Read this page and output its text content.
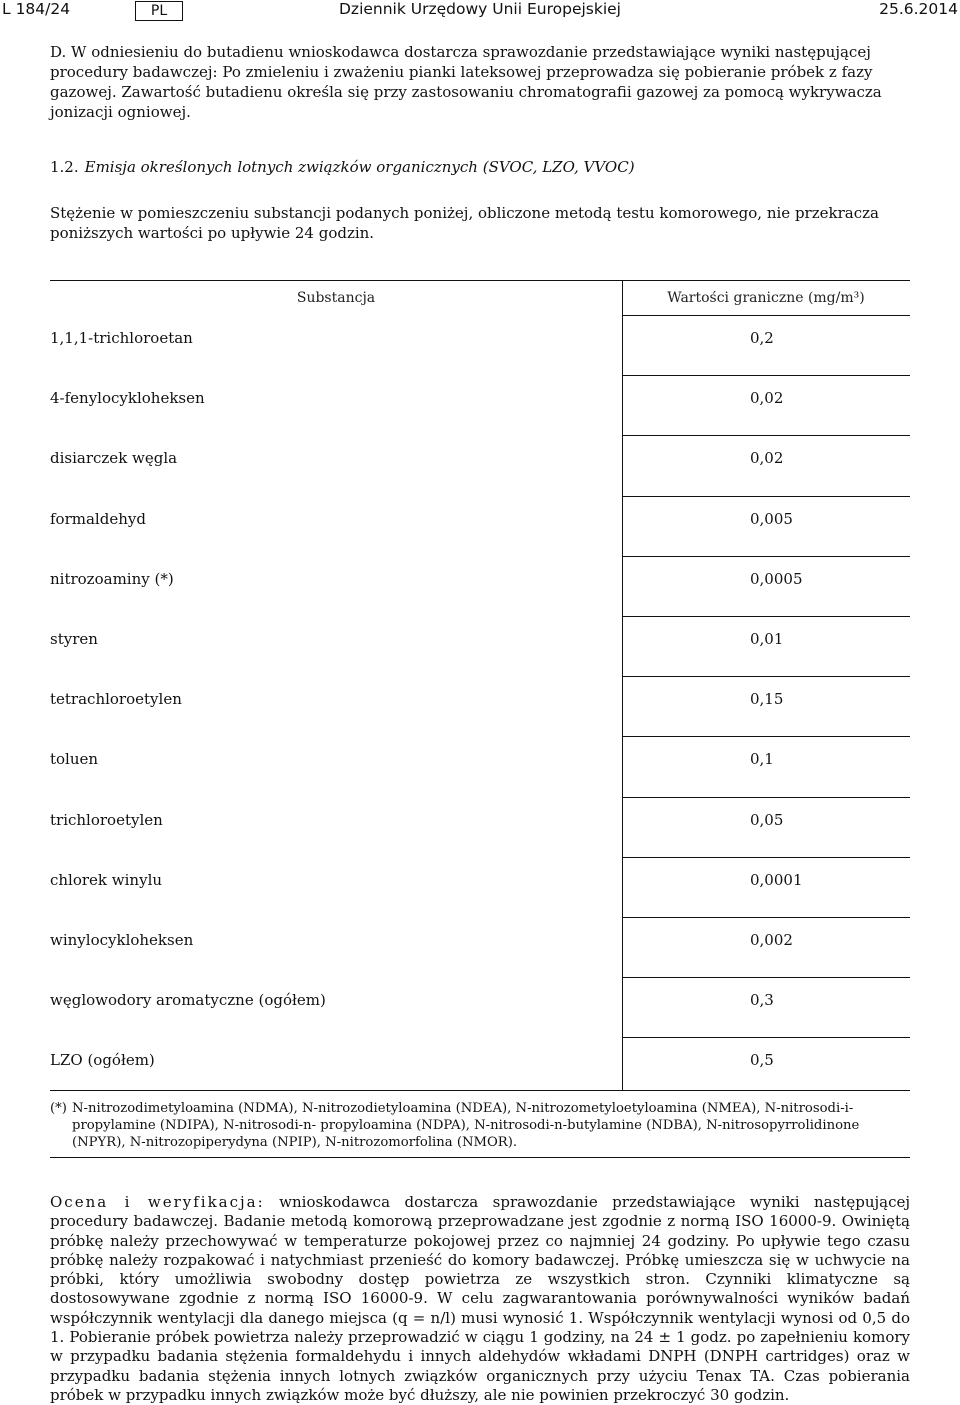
L 184/24	Dziennik Urzędowy Unii Europejskiej
PL	25.6.2014
D. W odniesieniu do butadienu wnioskodawca dostarcza sprawozdanie przedstawiające wyniki następującej procedury badawczej: Po zmieleniu i zważeniu pianki lateksowej przeprowadza się pobieranie próbek z fazy gazowej. Zawartość butadienu określa się przy zastosowaniu chromatografii gazowej za pomocą wykrywacza jonizacji ogniowej.
1.2. Emisja określonych lotnych związków organicznych (SVOC, LZO, VVOC)
Stężenie w pomieszczeniu substancji podanych poniżej, obliczone metodą testu komorowego, nie przekracza poniższych wartości po upływie 24 godzin.
Substancja	Wartości graniczne (mg/m³)
1,1,1-trichloroetan	0,2
4-fenylocykloheksen	0,02
disiarczek węgla	0,02
formaldehyd	0,005
nitrozoaminy (*)	0,0005
styren	0,01
tetrachloroetylen	0,15
toluen	0,1
trichloroetylen	0,05
chlorek winylu	0,0001
winylocykloheksen	0,002
węglowodory aromatyczne (ogółem)	0,3
LZO (ogółem)	0,5
(*) N-nitrozodimetyloamina (NDMA), N-nitrozodietyloamina (NDEA), N-nitrozometyloetyloamina (NMEA), N-nitrosodi-i-propylamine (NDIPA), N-nitrosodi-n- propyloamina (NDPA), N-nitrosodi-n-butylamine (NDBA), N-nitrosopyrrolidinone (NPYR), N-nitrozopiperydyna (NPIP), N-nitrozomorfolina (NMOR).
Ocena i weryfikacja: wnioskodawca dostarcza sprawozdanie przedstawiające wyniki następującej procedury badawczej. Badanie metodą komorową przeprowadzane jest zgodnie z normą ISO 16000-9. Owiniętą próbkę należy przechowywać w temperaturze pokojowej przez co najmniej 24 godziny. Po upływie tego czasu próbkę należy rozpakować i natychmiast przenieść do komory badawczej. Próbkę umieszcza się w uchwycie na próbki, który umożliwia swobodny dostęp powietrza ze wszystkich stron. Czynniki klimatyczne są dostosowywane zgodnie z normą ISO 16000-9. W celu zagwarantowania porównywalności wyników badań współczynnik wentylacji dla danego miejsca (q = n/l) musi wynosić 1. Współczynnik wentylacji wynosi od 0,5 do 1. Pobieranie próbek powietrza należy przeprowadzić w ciągu 1 godziny, na 24 ± 1 godz. po zapełnieniu komory w przypadku badania stężenia formaldehydu i innych aldehydów wkładami DNPH (DNPH cartridges) oraz w przypadku badania stężenia innych lotnych związków organicznych przy użyciu Tenax TA. Czas pobierania próbek w przypadku innych związków może być dłuższy, ale nie powinien przekroczyć 30 godzin.
